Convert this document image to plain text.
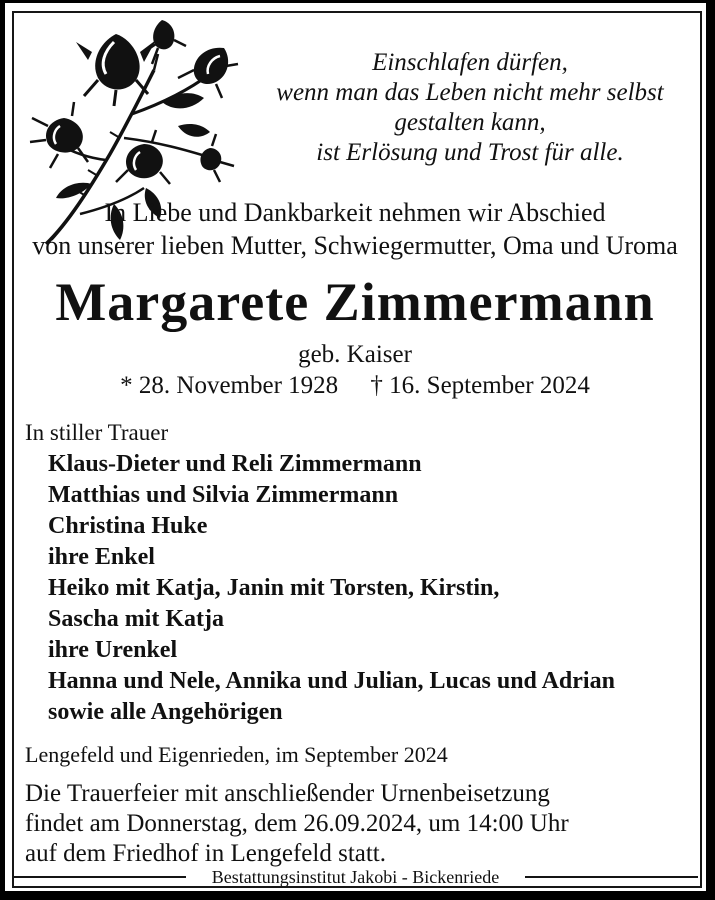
Einschlafen dürfen,
wenn man das Leben nicht mehr selbst
gestalten kann,
ist Erlösung und Trost für alle.
In Liebe und Dankbarkeit nehmen wir Abschied
von unserer lieben Mutter, Schwiegermutter, Oma und Uroma
Margarete Zimmermann
geb. Kaiser
* 28. November 1928 † 16. September 2024
In stiller Trauer
Klaus-Dieter und Reli Zimmermann
Matthias und Silvia Zimmermann
Christina Huke
ihre Enkel
Heiko mit Katja, Janin mit Torsten, Kirstin,
Sascha mit Katja
ihre Urenkel
Hanna und Nele, Annika und Julian, Lucas und Adrian
sowie alle Angehörigen
Lengefeld und Eigenrieden, im September 2024
Die Trauerfeier mit anschließender Urnenbeisetzung
findet am Donnerstag, dem 26.09.2024, um 14:00 Uhr
auf dem Friedhof in Lengefeld statt.
Bestattungsinstitut Jakobi - Bickenriede
